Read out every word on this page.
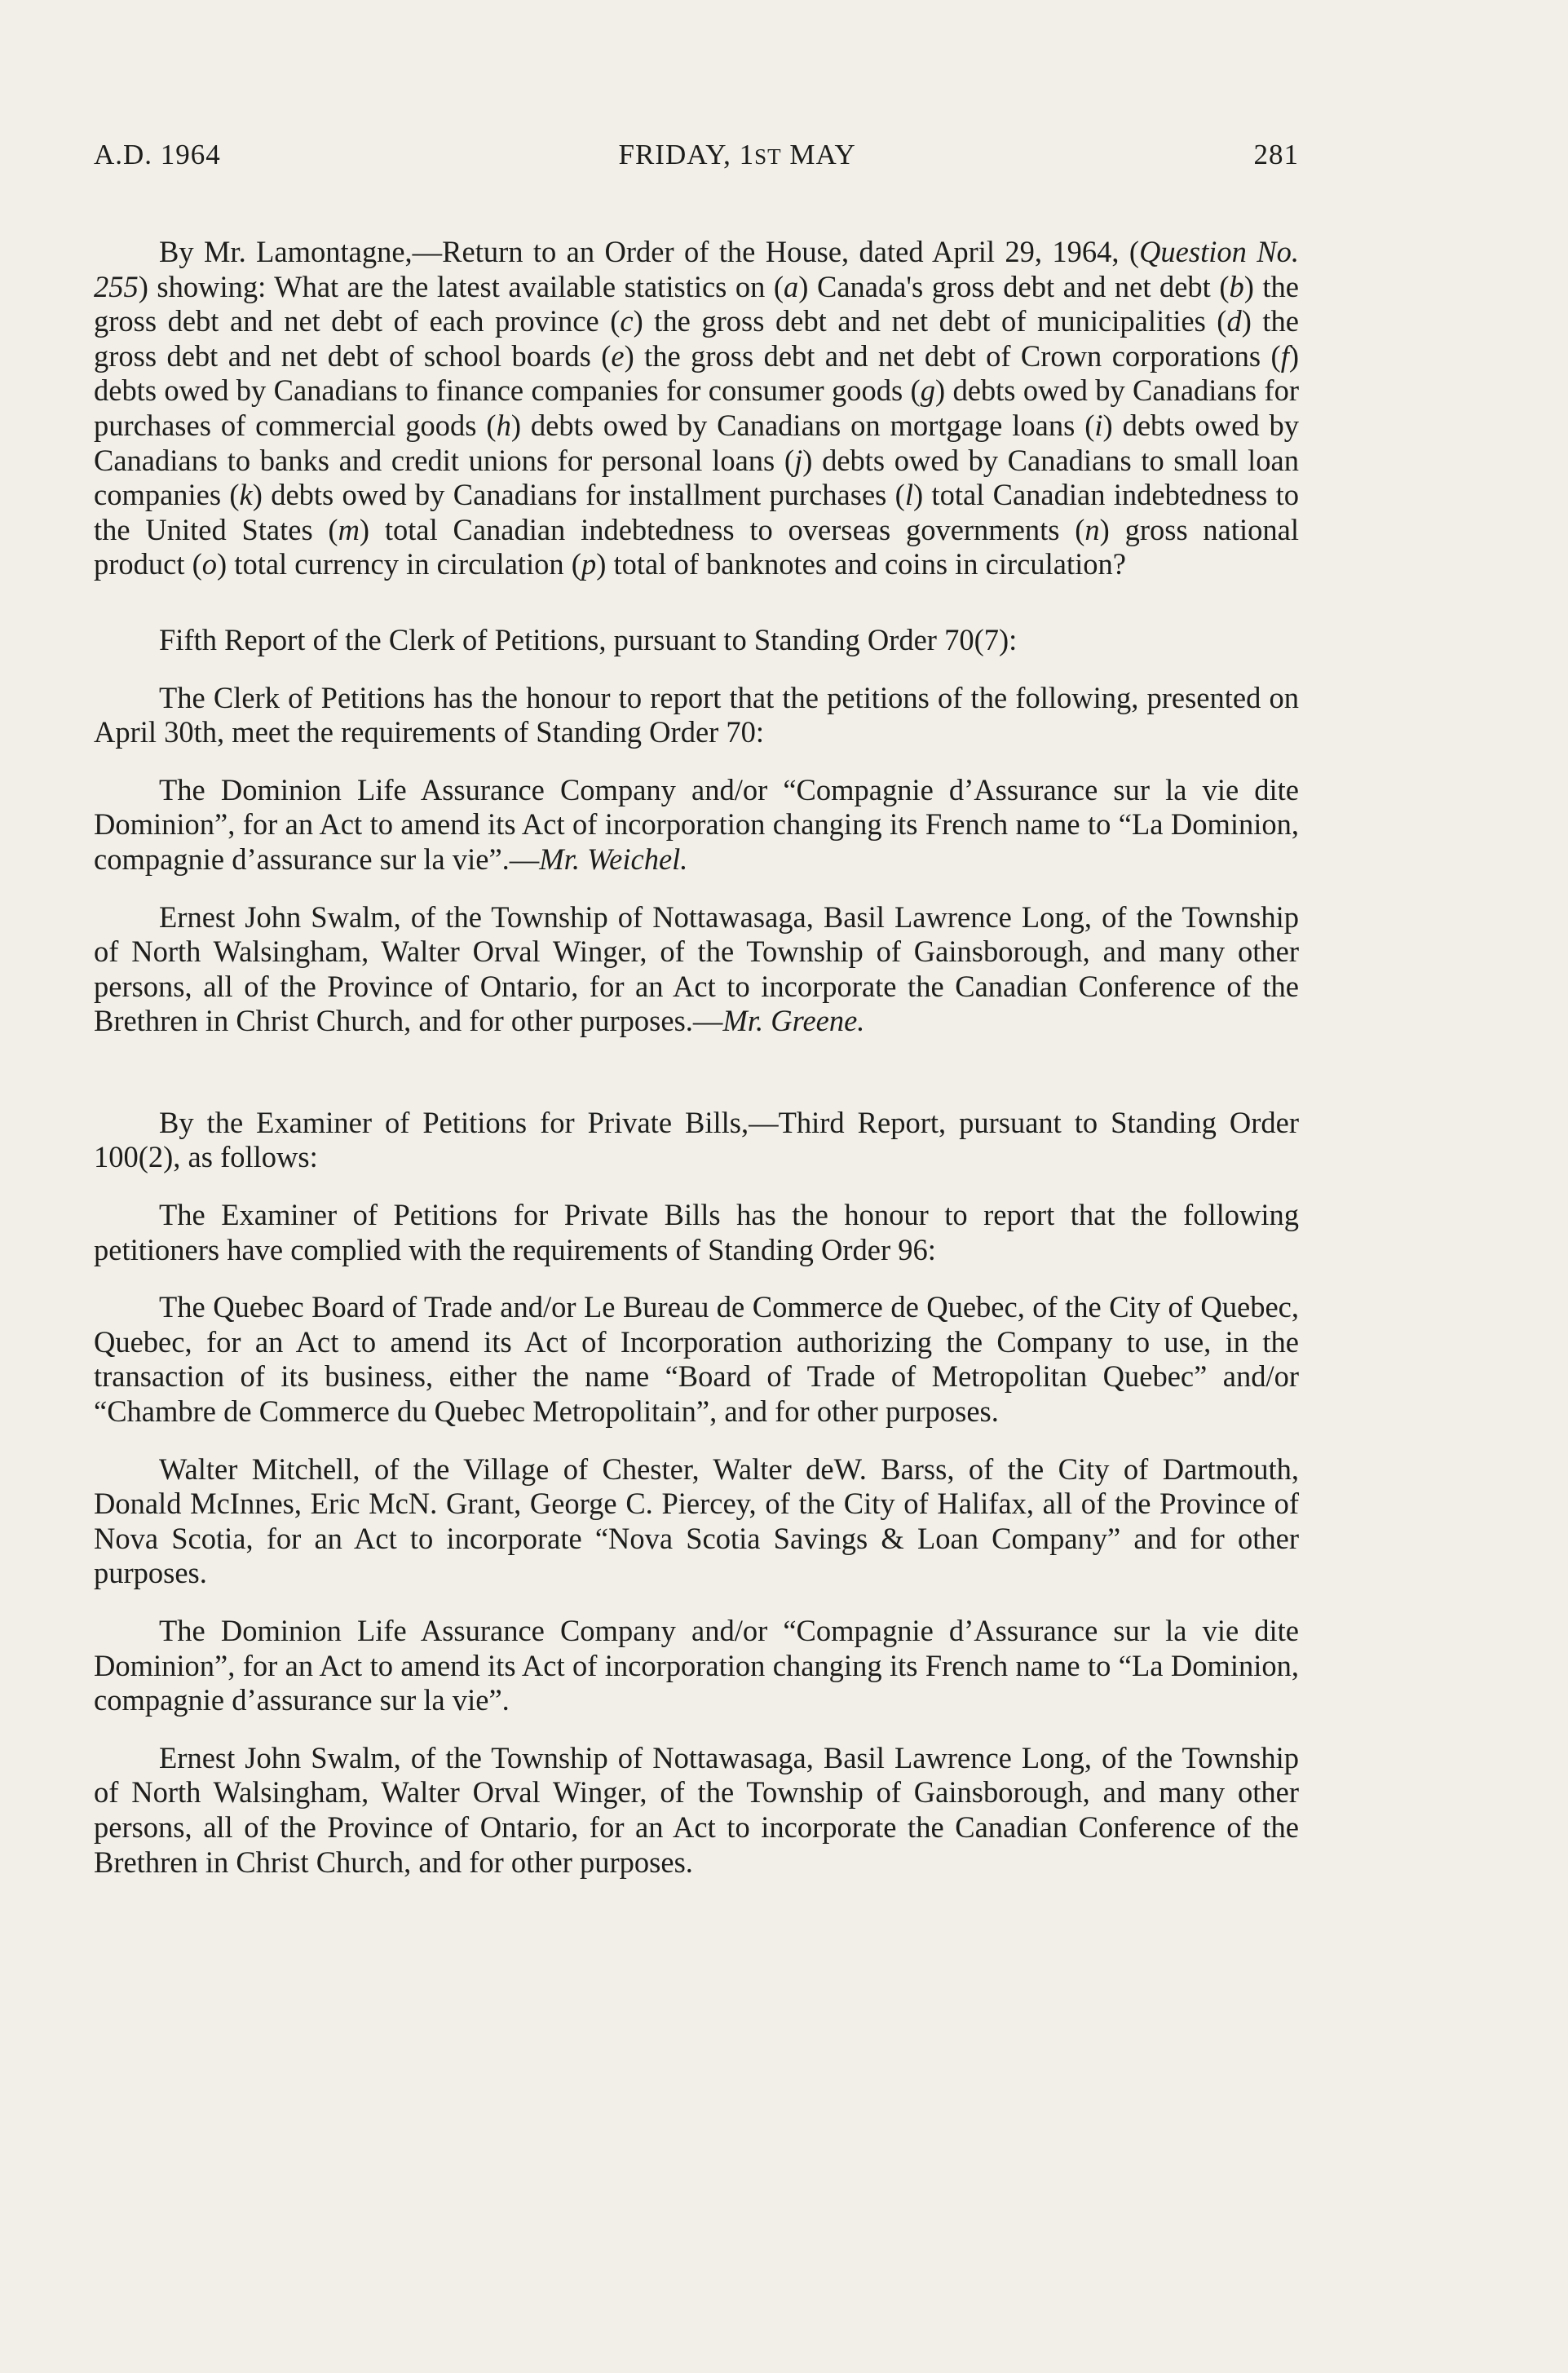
A.D. 1964	FRIDAY, 1ST MAY	281

By Mr. Lamontagne,—Return to an Order of the House, dated April 29, 1964, (Question No. 255) showing: What are the latest available statistics on (a) Canada's gross debt and net debt (b) the gross debt and net debt of each province (c) the gross debt and net debt of municipalities (d) the gross debt and net debt of school boards (e) the gross debt and net debt of Crown corporations (f) debts owed by Canadians to finance companies for consumer goods (g) debts owed by Canadians for purchases of commercial goods (h) debts owed by Canadians on mortgage loans (i) debts owed by Canadians to banks and credit unions for personal loans (j) debts owed by Canadians to small loan companies (k) debts owed by Canadians for installment purchases (l) total Canadian indebtedness to the United States (m) total Canadian indebtedness to overseas governments (n) gross national product (o) total currency in circulation (p) total of banknotes and coins in circulation?

Fifth Report of the Clerk of Petitions, pursuant to Standing Order 70(7):

The Clerk of Petitions has the honour to report that the petitions of the following, presented on April 30th, meet the requirements of Standing Order 70:

The Dominion Life Assurance Company and/or “Compagnie d’Assurance sur la vie dite Dominion”, for an Act to amend its Act of incorporation changing its French name to “La Dominion, compagnie d’assurance sur la vie”.—Mr. Weichel.

Ernest John Swalm, of the Township of Nottawasaga, Basil Lawrence Long, of the Township of North Walsingham, Walter Orval Winger, of the Township of Gainsborough, and many other persons, all of the Province of Ontario, for an Act to incorporate the Canadian Conference of the Brethren in Christ Church, and for other purposes.—Mr. Greene.

By the Examiner of Petitions for Private Bills,—Third Report, pursuant to Standing Order 100(2), as follows:

The Examiner of Petitions for Private Bills has the honour to report that the following petitioners have complied with the requirements of Standing Order 96:

The Quebec Board of Trade and/or Le Bureau de Commerce de Quebec, of the City of Quebec, Quebec, for an Act to amend its Act of Incorporation authorizing the Company to use, in the transaction of its business, either the name “Board of Trade of Metropolitan Quebec” and/or “Chambre de Commerce du Quebec Metropolitain”, and for other purposes.

Walter Mitchell, of the Village of Chester, Walter deW. Barss, of the City of Dartmouth, Donald McInnes, Eric McN. Grant, George C. Piercey, of the City of Halifax, all of the Province of Nova Scotia, for an Act to incorporate “Nova Scotia Savings & Loan Company” and for other purposes.

The Dominion Life Assurance Company and/or “Compagnie d’Assurance sur la vie dite Dominion”, for an Act to amend its Act of incorporation changing its French name to “La Dominion, compagnie d’assurance sur la vie”.

Ernest John Swalm, of the Township of Nottawasaga, Basil Lawrence Long, of the Township of North Walsingham, Walter Orval Winger, of the Township of Gainsborough, and many other persons, all of the Province of Ontario, for an Act to incorporate the Canadian Conference of the Brethren in Christ Church, and for other purposes.
